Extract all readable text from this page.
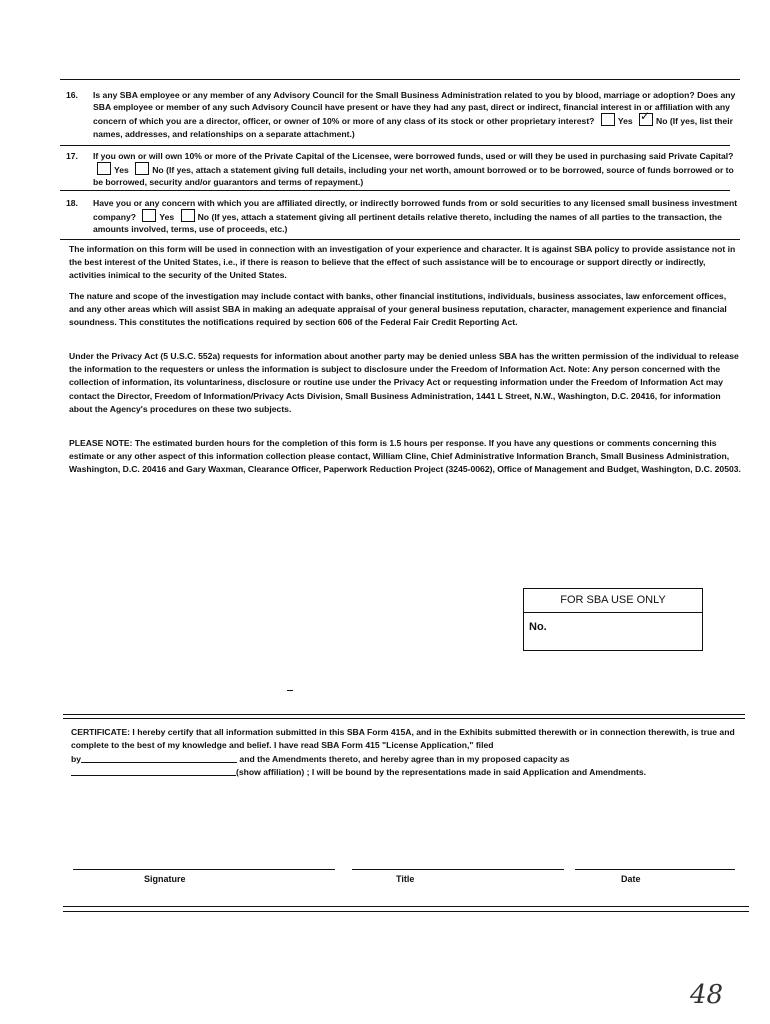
16. Is any SBA employee or any member of any Advisory Council for the Small Business Administration related to you by blood, marriage or adoption? Does any SBA employee or member of any such Advisory Council have present or have they had any past, direct or indirect, financial interest in or affiliation with any concern of which you are a director, officer, or owner of 10% or more of any class of its stock or other proprietary interest?	Yes ✓	No (If yes, list their names, addresses, and relationships on a separate attachment.)
17. If you own or will own 10% or more of the Private Capital of the Licensee, were borrowed funds, used or will they be used in purchasing said Private Capital? Yes	No (If yes, attach a statement giving full details, including your net worth, amount borrowed or to be borrowed, source of funds borrowed or to be borrowed, security and/or guarantors and terms of repayment.)
18. Have you or any concern with which you are affiliated directly, or indirectly borrowed funds from or sold securities to any licensed small business investment company?	Yes	No (If yes, attach a statement giving all pertinent details relative thereto, including the names of all parties to the transaction, the amounts involved, terms, use of proceeds, etc.)

The information on this form will be used in connection with an investigation of your experience and character. It is against SBA policy to provide assistance not in the best interest of the United States, i.e., if there is reason to believe that the effect of such assistance will be to encourage or support directly or indirectly, activities inimical to the security of the United States.

The nature and scope of the investigation may include contact with banks, other financial institutions, individuals, business associates, law enforcement offices, and any other areas which will assist SBA in making an adequate appraisal of your general business reputation, character, management experience and financial soundness. This constitutes the notifications required by section 606 of the Federal Fair Credit Reporting Act.

Under the Privacy Act (5 U.S.C. 552a) requests for information about another party may be denied unless SBA has the written permission of the individual to release the information to the requesters or unless the information is subject to disclosure under the Freedom of Information Act. Note: Any person concerned with the collection of information, its voluntariness, disclosure or routine use under the Privacy Act or requesting information under the Freedom of Information Act may contact the Director, Freedom of Information/Privacy Acts Division, Small Business Administration, 1441 L Street, N.W., Washington, D.C. 20416, for information about the Agency's procedures on these two subjects.

PLEASE NOTE: The estimated burden hours for the completion of this form is 1.5 hours per response. If you have any questions or comments concerning this estimate or any other aspect of this information collection please contact, William Cline, Chief Administrative Information Branch, Small Business Administration, Washington, D.C. 20416 and Gary Waxman, Clearance Officer, Paperwork Reduction Project (3245-0062), Office of Management and Budget, Washington, D.C. 20503.

FOR SBA USE ONLY
No.
CERTIFICATE: I hereby certify that all information submitted in this SBA Form 415A, and in the Exhibits submitted therewith or in connection therewith, is true and complete to the best of my knowledge and belief. I have read SBA Form 415 "License Application," filed
by	and the Amendments thereto, and hereby agree than in my proposed capacity as
(show affiliation) ; I will be bound by the representations made in said Application and Amendments.
Signature	Title	Date
48
